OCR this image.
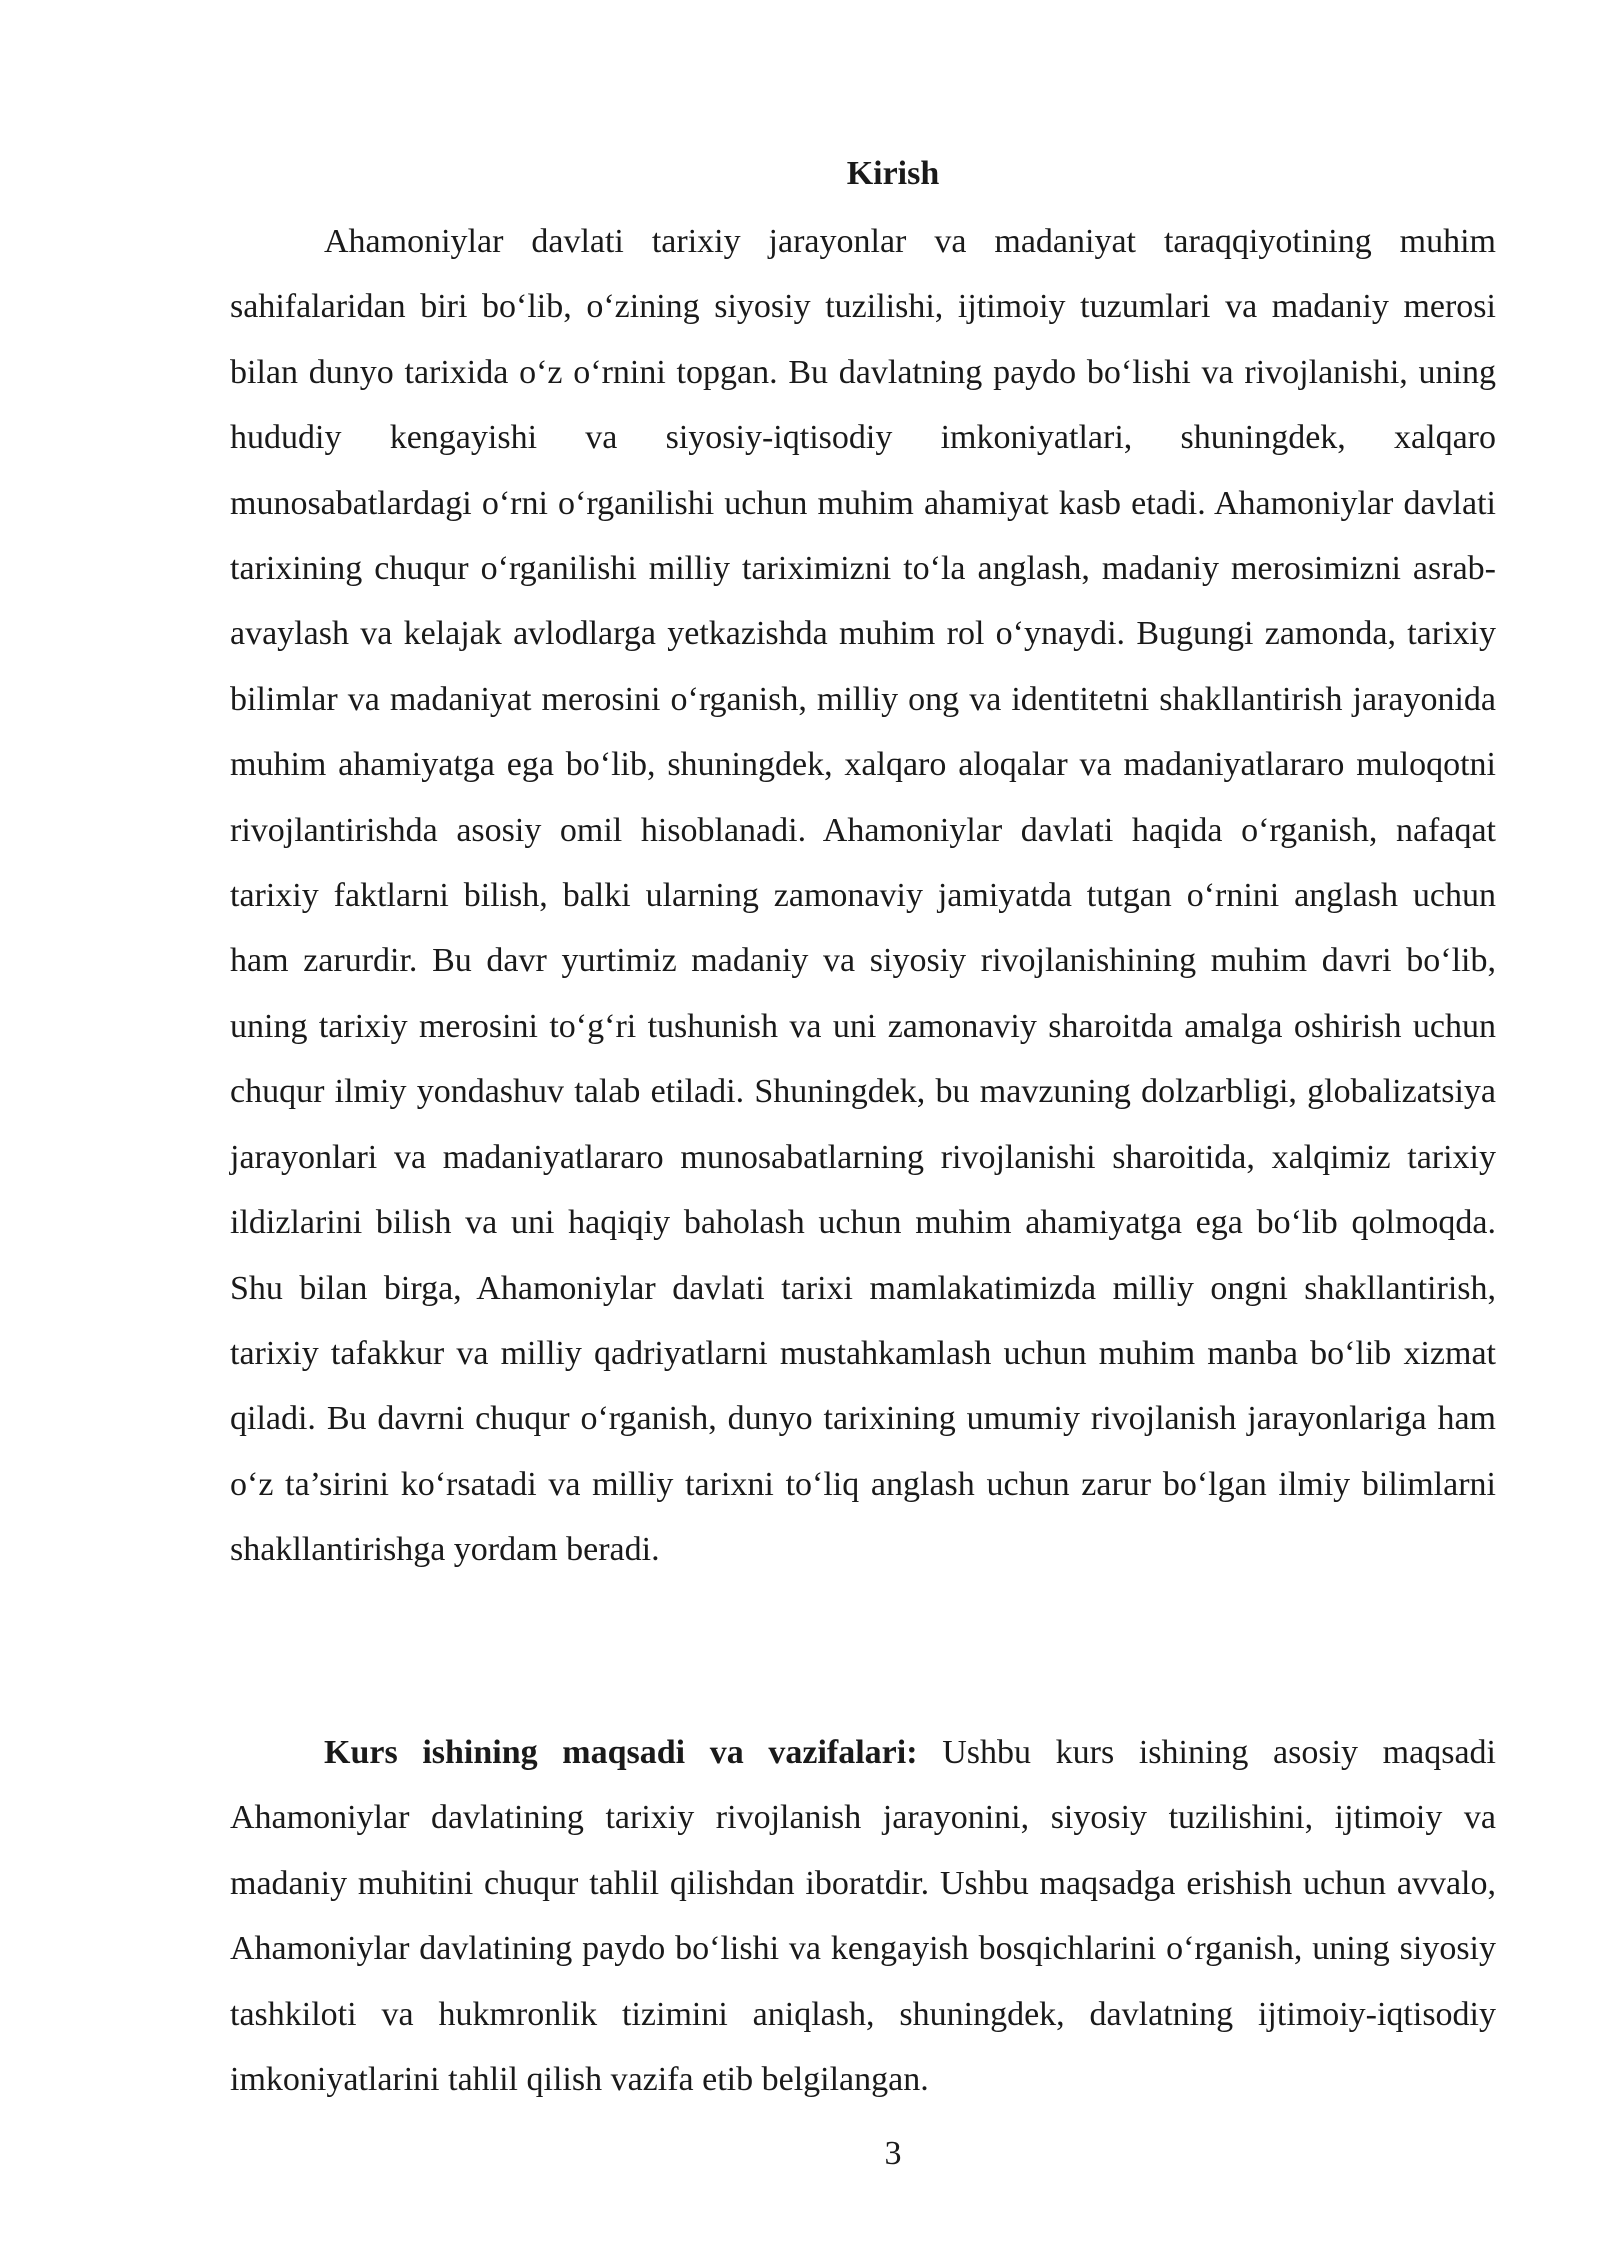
Kirish

Ahamoniylar davlati tarixiy jarayonlar va madaniyat taraqqiyotining muhim sahifalaridan biri bo‘lib, o‘zining siyosiy tuzilishi, ijtimoiy tuzumlari va madaniy merosi bilan dunyo tarixida o‘z o‘rnini topgan. Bu davlatning paydo bo‘lishi va rivojlanishi, uning hududiy kengayishi va siyosiy-iqtisodiy imkoniyatlari, shuningdek, xalqaro munosabatlardagi o‘rni o‘rganilishi uchun muhim ahamiyat kasb etadi. Ahamoniylar davlati tarixining chuqur o‘rganilishi milliy tariximizni to‘la anglash, madaniy merosimizni asrab-avaylash va kelajak avlodlarga yetkazishda muhim rol o‘ynaydi. Bugungi zamonda, tarixiy bilimlar va madaniyat merosini o‘rganish, milliy ong va identitetni shakllantirish jarayonida muhim ahamiyatga ega bo‘lib, shuningdek, xalqaro aloqalar va madaniyatlararo muloqotni rivojlantirishda asosiy omil hisoblanadi. Ahamoniylar davlati haqida o‘rganish, nafaqat tarixiy faktlarni bilish, balki ularning zamonaviy jamiyatda tutgan o‘rnini anglash uchun ham zarurdir. Bu davr yurtimiz madaniy va siyosiy rivojlanishining muhim davri bo‘lib, uning tarixiy merosini to‘g‘ri tushunish va uni zamonaviy sharoitda amalga oshirish uchun chuqur ilmiy yondashuv talab etiladi. Shuningdek, bu mavzuning dolzarbligi, globalizatsiya jarayonlari va madaniyatlararo munosabatlarning rivojlanishi sharoitida, xalqimiz tarixiy ildizlarini bilish va uni haqiqiy baholash uchun muhim ahamiyatga ega bo‘lib qolmoqda. Shu bilan birga, Ahamoniylar davlati tarixi mamlakatimizda milliy ongni shakllantirish, tarixiy tafakkur va milliy qadriyatlarni mustahkamlash uchun muhim manba bo‘lib xizmat qiladi. Bu davrni chuqur o‘rganish, dunyo tarixining umumiy rivojlanish jarayonlariga ham o‘z ta’sirini ko‘rsatadi va milliy tarixni to‘liq anglash uchun zarur bo‘lgan ilmiy bilimlarni shakllantirishga yordam beradi.

Kurs ishining maqsadi va vazifalari: Ushbu kurs ishining asosiy maqsadi Ahamoniylar davlatining tarixiy rivojlanish jarayonini, siyosiy tuzilishini, ijtimoiy va madaniy muhitini chuqur tahlil qilishdan iboratdir. Ushbu maqsadga erishish uchun avvalo, Ahamoniylar davlatining paydo bo‘lishi va kengayish bosqichlarini o‘rganish, uning siyosiy tashkiloti va hukmronlik tizimini aniqlash, shuningdek, davlatning ijtimoiy-iqtisodiy imkoniyatlarini tahlil qilish vazifa etib belgilangan.

3
